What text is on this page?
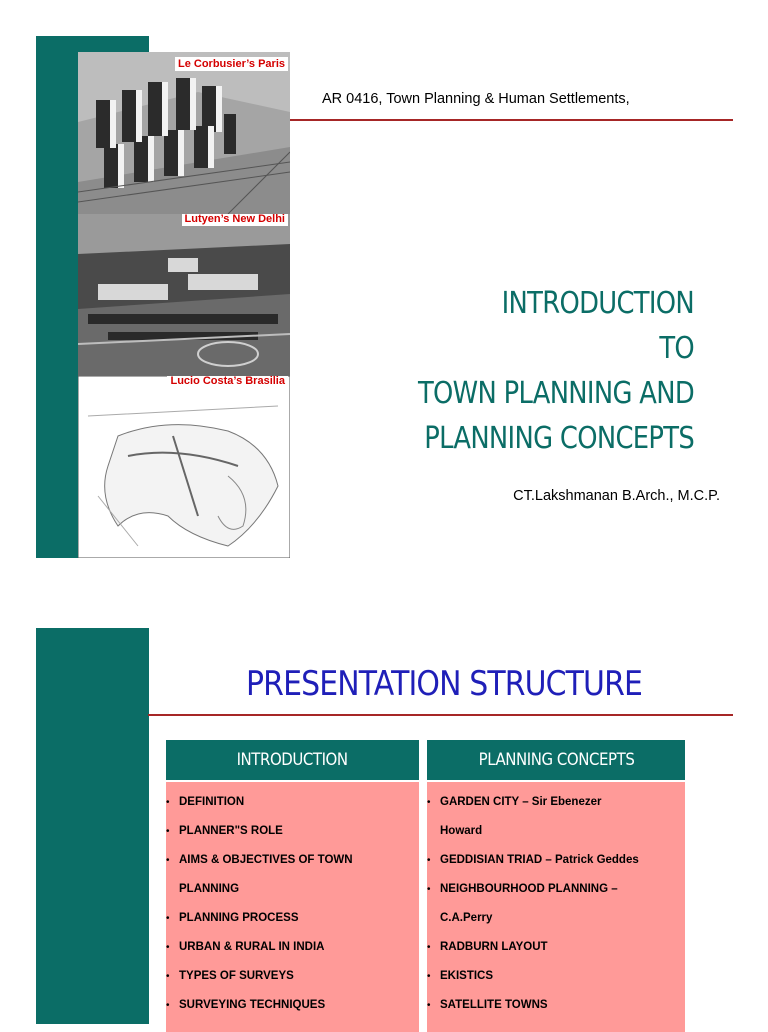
Le Corbusier’s Paris
Lutyen’s New Delhi
Lucio Costa’s Brasilia
AR 0416, Town Planning & Human Settlements,
INTRODUCTION
TO
TOWN PLANNING AND
PLANNING CONCEPTS
CT.Lakshmanan B.Arch., M.C.P.
PRESENTATION STRUCTURE
INTRODUCTION	PLANNING CONCEPTS
• DEFINITION
• PLANNER"S ROLE
• AIMS & OBJECTIVES OF TOWN
PLANNING
• PLANNING PROCESS
• URBAN & RURAL IN INDIA
• TYPES OF SURVEYS
• SURVEYING TECHNIQUES
• GARDEN CITY – Sir Ebenezer
Howard
• GEDDISIAN TRIAD – Patrick Geddes
• NEIGHBOURHOOD PLANNING –
C.A.Perry
• RADBURN LAYOUT
• EKISTICS
• SATELLITE TOWNS
